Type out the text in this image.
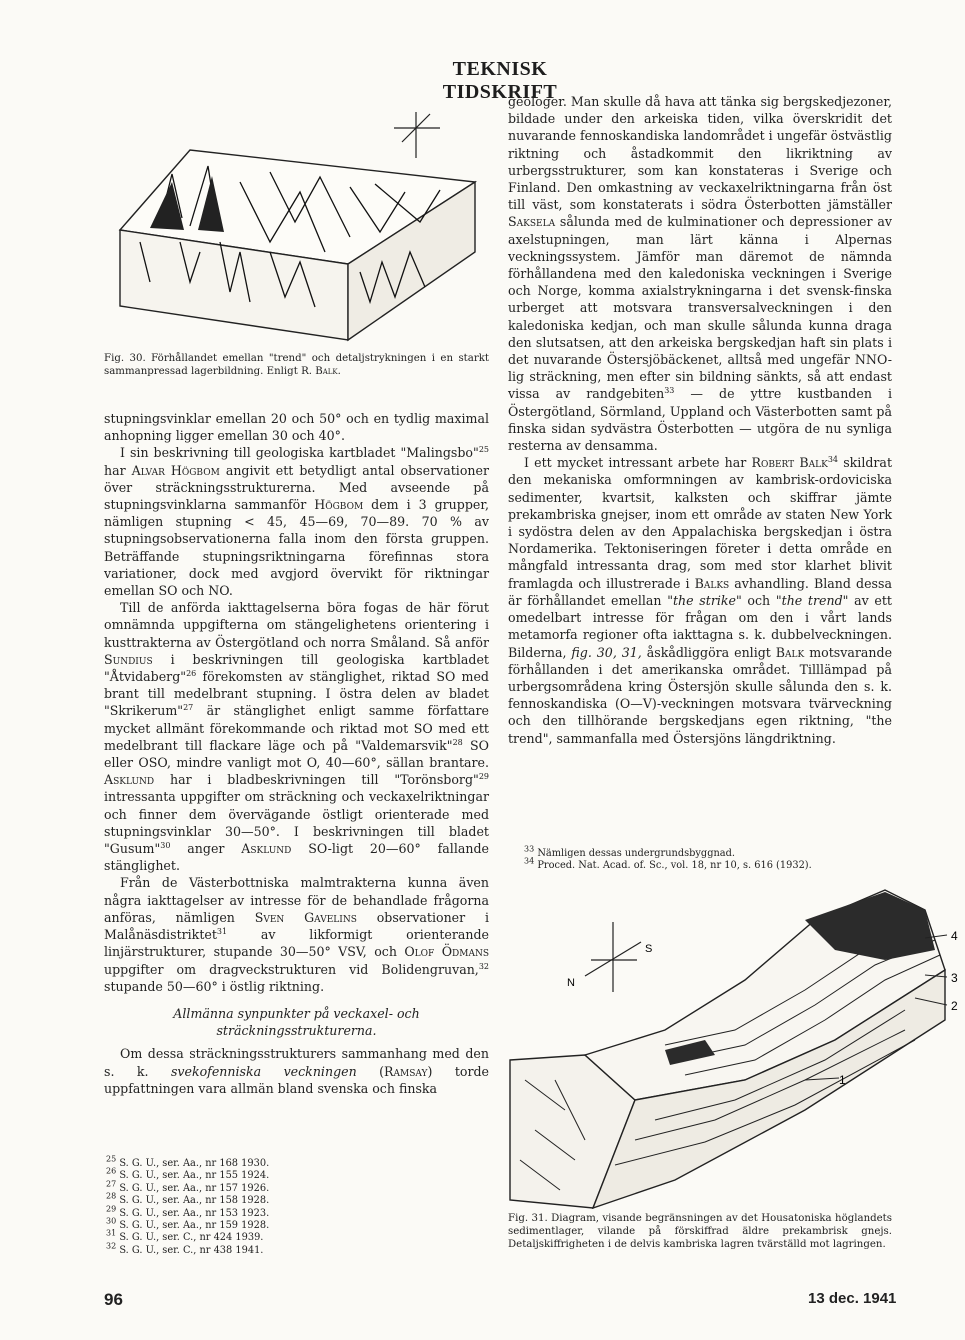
TEKNISK TIDSKRIFT
Fig. 30. Förhållandet emellan "trend" och detaljstrykningen i en starkt sammanpressad lagerbildning. Enligt R. Balk.

stupningsvinklar emellan 20 och 50° och en tydlig maximal anhopning ligger emellan 30 och 40°.

I sin beskrivning till geologiska kartbladet "Malingsbo"$^{25}$ har Alvar Högbom angivit ett betydligt antal observationer över sträckningsstrukturerna. Med avseende på stupningsvinklarna sammanför Högbom dem i 3 grupper, nämligen stupning < 45, 45—69, 70—89. 70 % av stupningsobservationerna falla inom den första gruppen. Beträffande stupningsriktningarna förefinnas stora variationer, dock med avgjord övervikt för riktningar emellan SO och NO.

Till de anförda iakttagelserna böra fogas de här förut omnämnda uppgifterna om stängelighetens orientering i kusttrakterna av Östergötland och norra Småland. Så anför Sundius i beskrivningen till geologiska kartbladet "Åtvidaberg"$^{26}$ förekomsten av stänglighet, riktad SO med brant till medelbrant stupning. I östra delen av bladet "Skrikerum"$^{27}$ är stänglighet enligt samme författare mycket allmänt förekommande och riktad mot SO med ett medelbrant till flackare läge och på "Valdemarsvik"$^{28}$ SO eller OSO, mindre vanligt mot O, 40—60°, sällan brantare. Asklund har i bladbeskrivningen till "Torönsborg"$^{29}$ intressanta uppgifter om sträckning och veckaxelriktningar och finner dem övervägande östligt orienterade med stupningsvinklar 30—50°. I beskrivningen till bladet "Gusum"$^{30}$ anger Asklund SO-ligt 20—60° fallande stänglighet.

Från de Västerbottniska malmtrakterna kunna även några iakttagelser av intresse för de behandlade frågorna anföras, nämligen Sven Gavelins observationer i Malånäsdistriktet$^{31}$ av likformigt orienterande linjärstrukturer, stupande 30—50° VSV, och Olof Ödmans uppgifter om dragveckstrukturen vid Bolidengruvan,$^{32}$ stupande 50—60° i östlig riktning.

Allmänna synpunkter på veckaxel- och sträckningsstrukturerna.

Om dessa sträckningsstrukturers sammanhang med den s. k. svekofenniska veckningen (Ramsay) torde uppfattningen vara allmän bland svenska och finska

$^{25}$ S. G. U., ser. Aa., nr 168 1930.
$^{26}$ S. G. U., ser. Aa., nr 155 1924.
$^{27}$ S. G. U., ser. Aa., nr 157 1926.
$^{28}$ S. G. U., ser. Aa., nr 158 1928.
$^{29}$ S. G. U., ser. Aa., nr 153 1923.
$^{30}$ S. G. U., ser. Aa., nr 159 1928.
$^{31}$ S. G. U., ser. C., nr 424 1939.
$^{32}$ S. G. U., ser. C., nr 438 1941.

geologer. Man skulle då hava att tänka sig bergskedjezoner, bildade under den arkeiska tiden, vilka överskridit det nuvarande fennoskandiska landområdet i ungefär östvästlig riktning och åstadkommit den likriktning av urbergsstrukturer, som kan konstateras i Sverige och Finland. Den omkastning av veckaxelriktningarna från öst till väst, som konstaterats i södra Österbotten jämställer Saksela sålunda med de kulminationer och depressioner av axelstupningen, man lärt känna i Alpernas veckningssystem. Jämför man däremot de nämnda förhållandena med den kaledoniska veckningen i Sverige och Norge, komma axialstrykningarna i det svensk-finska urberget att motsvara transversalveckningen i den kaledoniska kedjan, och man skulle sålunda kunna draga den slutsatsen, att den arkeiska bergskedjan haft sin plats i det nuvarande Östersjöbäckenet, alltså med ungefär NNO-lig sträckning, men efter sin bildning sänkts, så att endast vissa av randgebiten$^{33}$ — de yttre kustbanden i Östergötland, Sörmland, Uppland och Västerbotten samt på finska sidan sydvästra Österbotten — utgöra de nu synliga resterna av densamma.

I ett mycket intressant arbete har Robert Balk$^{34}$ skildrat den mekaniska omformningen av kambrisk-ordoviciska sedimenter, kvartsit, kalksten och skiffrar jämte prekambriska gnejser, inom ett område av staten New York i sydöstra delen av den Appalachiska bergskedjan i östra Nordamerika. Tektoniseringen företer i detta område en mångfald intressanta drag, som med stor klarhet blivit framlagda och illustrerade i Balks avhandling. Bland dessa är förhållandet emellan "the strike" och "the trend" av ett omedelbart intresse för frågan om den i vårt lands metamorfa regioner ofta iakttagna s. k. dubbelveckningen. Bilderna, fig. 30, 31, åskådliggöra enligt Balk motsvarande förhållanden i det amerikanska området. Tilllämpad på urbergsområdena kring Östersjön skulle sålunda den s. k. fennoskandiska (O—V)-veckningen motsvara tvärveckning och den tillhörande bergskedjans egen riktning, "the trend", sammanfalla med Östersjöns längdriktning.

$^{33}$ Nämligen dessas undergrundsbyggnad.
$^{34}$ Proced. Nat. Acad. of. Sc., vol. 18, nr 10, s. 616 (1932).
S
N
4
3
2
1
Fig. 31. Diagram, visande begränsningen av det Housatoniska höglandets sedimentlager, vilande på förskiffrad äldre prekambrisk gnejs. Detaljskiffrigheten i de delvis kambriska lagren tvärställd mot lagringen.
96	13 dec. 1941
